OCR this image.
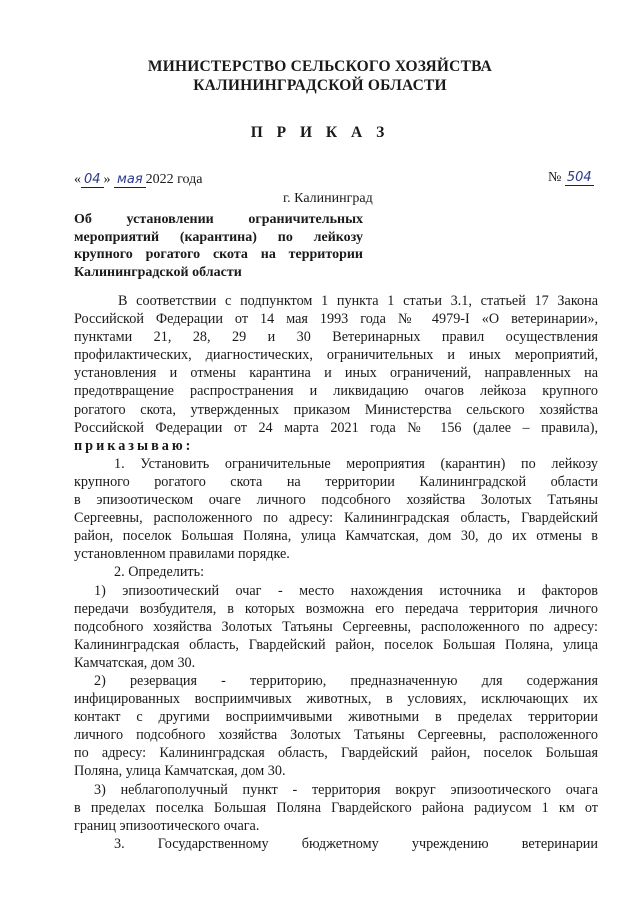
МИНИСТЕРСТВО СЕЛЬСКОГО ХОЗЯЙСТВА
КАЛИНИНГРАДСКОЙ ОБЛАСТИ
П Р И К А З
« 04 » мая 2022 года	№ 504
г. Калининград
Об установлении ограничительных
мероприятий (карантина) по лейкозу
крупного рогатого скота на территории
Калининградской области
В соответствии с подпунктом 1 пункта 1 статьи 3.1, статьей 17 Закона
Российской Федерации от 14 мая 1993 года № 4979-I «О ветеринарии»,
пунктами 21, 28, 29 и 30 Ветеринарных правил осуществления
профилактических, диагностических, ограничительных и иных мероприятий,
установления и отмены карантина и иных ограничений, направленных на
предотвращение распространения и ликвидацию очагов лейкоза крупного
рогатого скота, утвержденных приказом Министерства сельского хозяйства
Российской Федерации от 24 марта 2021 года № 156 (далее – правила),
приказываю:
1. Установить ограничительные мероприятия (карантин) по лейкозу
крупного рогатого скота на территории Калининградской области
в эпизоотическом очаге личного подсобного хозяйства Золотых Татьяны
Сергеевны, расположенного по адресу: Калининградская область, Гвардейский
район, поселок Большая Поляна, улица Камчатская, дом 30, до их отмены в
установленном правилами порядке.
2. Определить:
1) эпизоотический очаг - место нахождения источника и факторов
передачи возбудителя, в которых возможна его передача территория личного
подсобного хозяйства Золотых Татьяны Сергеевны, расположенного по адресу:
Калининградская область, Гвардейский район, поселок Большая Поляна, улица
Камчатская, дом 30.
2) резервация - территорию, предназначенную для содержания
инфицированных восприимчивых животных, в условиях, исключающих их
контакт с другими восприимчивыми животными в пределах территории
личного подсобного хозяйства Золотых Татьяны Сергеевны, расположенного
по адресу: Калининградская область, Гвардейский район, поселок Большая
Поляна, улица Камчатская, дом 30.
3) неблагополучный пункт - территория вокруг эпизоотического очага
в пределах поселка Большая Поляна Гвардейского района радиусом 1 км от
границ эпизоотического очага.
3. Государственному бюджетному учреждению ветеринарии
